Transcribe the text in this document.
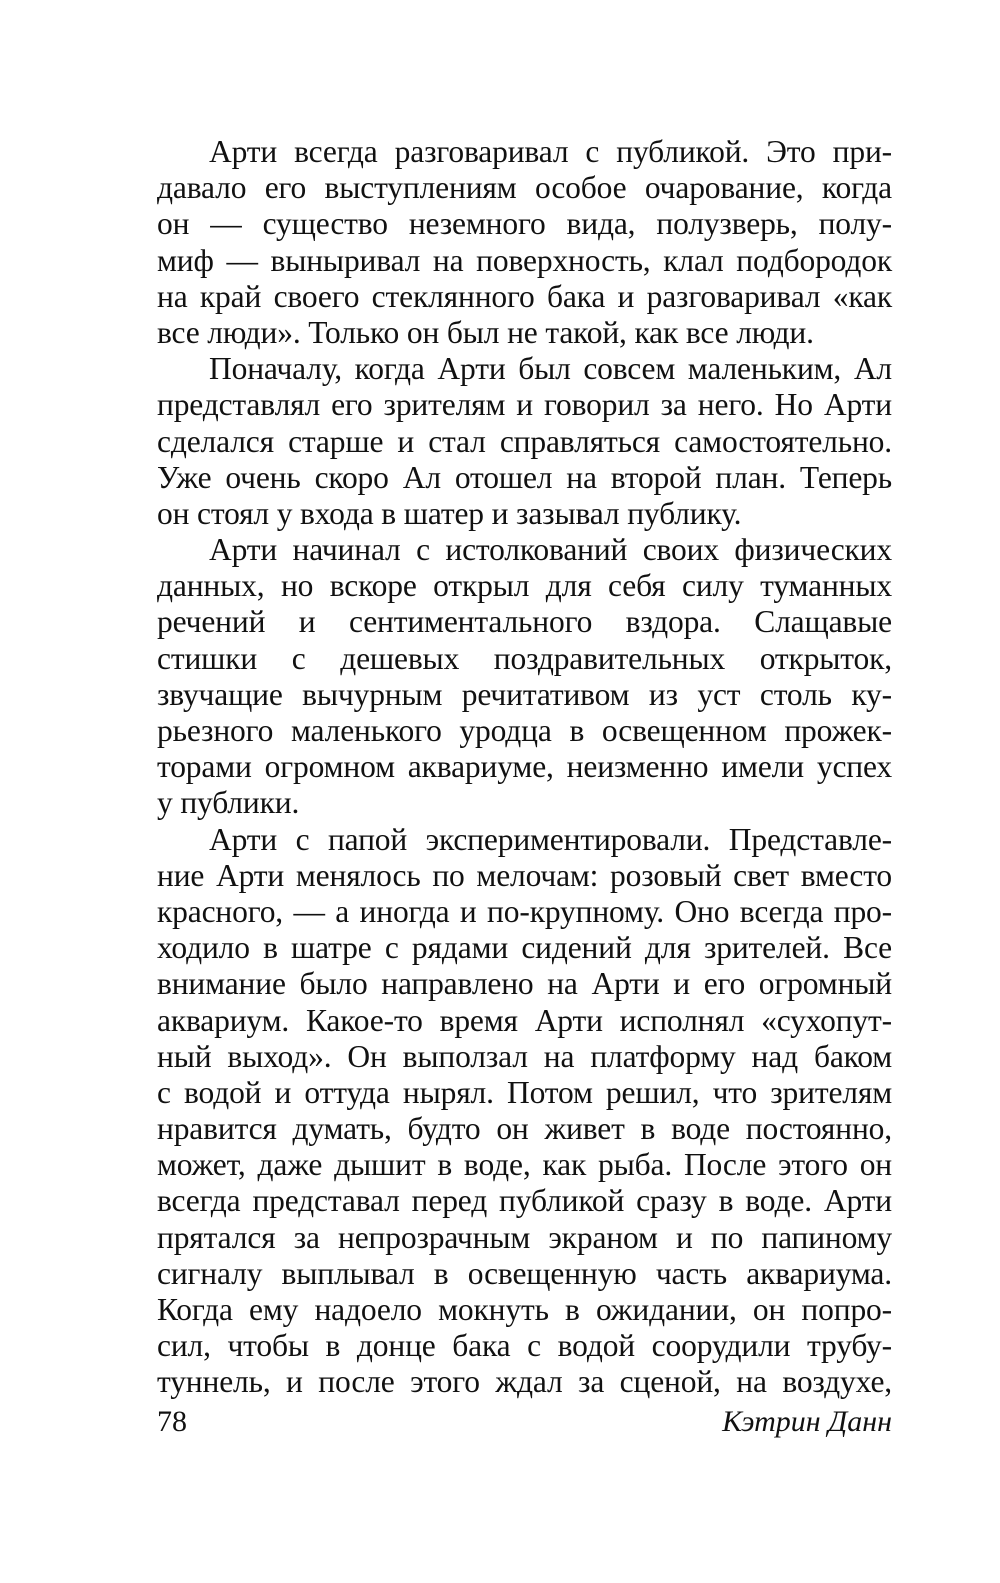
Арти всегда разговаривал с публикой. Это при-
давало его выступлениям особое очарование, когда
он — существо неземного вида, полузверь, полу-
миф — выныривал на поверхность, клал подбородок
на край своего стеклянного бака и разговаривал «как
все люди». Только он был не такой, как все люди.
Поначалу, когда Арти был совсем маленьким, Ал
представлял его зрителям и говорил за него. Но Арти
сделался старше и стал справляться самостоятельно.
Уже очень скоро Ал отошел на второй план. Теперь
он стоял у входа в шатер и зазывал публику.
Арти начинал с истолкований своих физических
данных, но вскоре открыл для себя силу туманных
речений и сентиментального вздора. Слащавые
стишки с дешевых поздравительных открыток,
звучащие вычурным речитативом из уст столь ку-
рьезного маленького уродца в освещенном прожек-
торами огромном аквариуме, неизменно имели успех
у публики.
Арти с папой экспериментировали. Представле-
ние Арти менялось по мелочам: розовый свет вместо
красного, — а иногда и по-крупному. Оно всегда про-
ходило в шатре с рядами сидений для зрителей. Все
внимание было направлено на Арти и его огромный
аквариум. Какое-то время Арти исполнял «сухопут-
ный выход». Он выползал на платформу над баком
с водой и оттуда нырял. Потом решил, что зрителям
нравится думать, будто он живет в воде постоянно,
может, даже дышит в воде, как рыба. После этого он
всегда представал перед публикой сразу в воде. Арти
прятался за непрозрачным экраном и по папиному
сигналу выплывал в освещенную часть аквариума.
Когда ему надоело мокнуть в ожидании, он попро-
сил, чтобы в донце бака с водой соорудили трубу-
туннель, и после этого ждал за сценой, на воздухе,
78	Кэтрин Данн
